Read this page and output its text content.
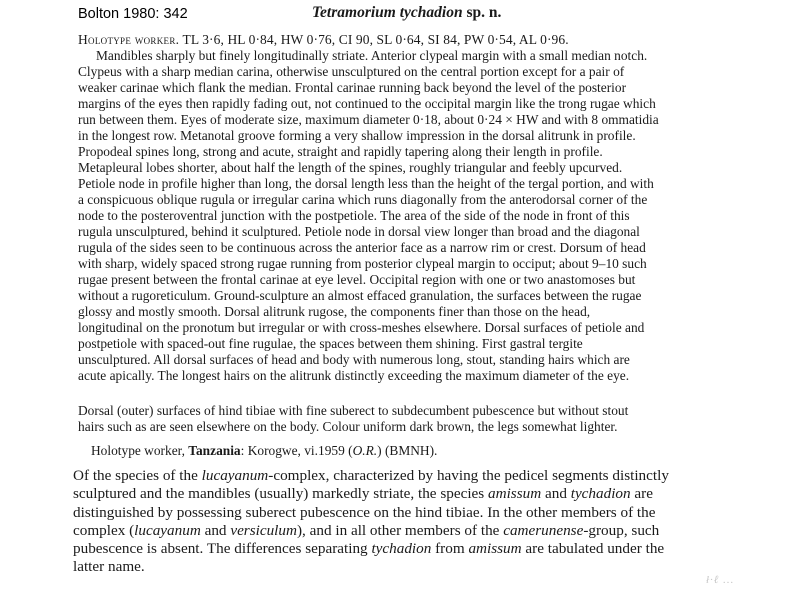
Bolton 1980: 342	Tetramorium tychadion sp. n.
Holotype worker. TL 3·6, HL 0·84, HW 0·76, CI 90, SL 0·64, SI 84, PW 0·54, AL 0·96.
Mandibles sharply but finely longitudinally striate. Anterior clypeal margin with a small median notch.
Clypeus with a sharp median carina, otherwise unsculptured on the central portion except for a pair of
weaker carinae which flank the median. Frontal carinae running back beyond the level of the posterior
margins of the eyes then rapidly fading out, not continued to the occipital margin like the trong rugae which
run between them. Eyes of moderate size, maximum diameter 0·18, about 0·24 × HW and with 8 ommatidia
in the longest row. Metanotal groove forming a very shallow impression in the dorsal alitrunk in profile.
Propodeal spines long, strong and acute, straight and rapidly tapering along their length in profile.
Metapleural lobes shorter, about half the length of the spines, roughly triangular and feebly upcurved.
Petiole node in profile higher than long, the dorsal length less than the height of the tergal portion, and with
a conspicuous oblique rugula or irregular carina which runs diagonally from the anterodorsal corner of the
node to the posteroventral junction with the postpetiole. The area of the side of the node in front of this
rugula unsculptured, behind it sculptured. Petiole node in dorsal view longer than broad and the diagonal
rugula of the sides seen to be continuous across the anterior face as a narrow rim or crest. Dorsum of head
with sharp, widely spaced strong rugae running from posterior clypeal margin to occiput; about 9–10 such
rugae present between the frontal carinae at eye level. Occipital region with one or two anastomoses but
without a rugoreticulum. Ground-sculpture an almost effaced granulation, the surfaces between the rugae
glossy and mostly smooth. Dorsal alitrunk rugose, the components finer than those on the head,
longitudinal on the pronotum but irregular or with cross-meshes elsewhere. Dorsal surfaces of petiole and
postpetiole with spaced-out fine rugulae, the spaces between them shining. First gastral tergite
unsculptured. All dorsal surfaces of head and body with numerous long, stout, standing hairs which are
acute apically. The longest hairs on the alitrunk distinctly exceeding the maximum diameter of the eye.
Dorsal (outer) surfaces of hind tibiae with fine suberect to subdecumbent pubescence but without stout
hairs such as are seen elsewhere on the body. Colour uniform dark brown, the legs somewhat lighter.
Holotype worker, Tanzania: Korogwe, vi.1959 (O.R.) (BMNH).
Of the species of the lucayanum-complex, characterized by having the pedicel segments distinctly
sculptured and the mandibles (usually) markedly striate, the species amissum and tychadion are
distinguished by possessing suberect pubescence on the hind tibiae. In the other members of the
complex (lucayanum and versiculum), and in all other members of the camerunense-group, such
pubescence is absent. The differences separating tychadion from amissum are tabulated under the
latter name.
ł·ℓ ...
